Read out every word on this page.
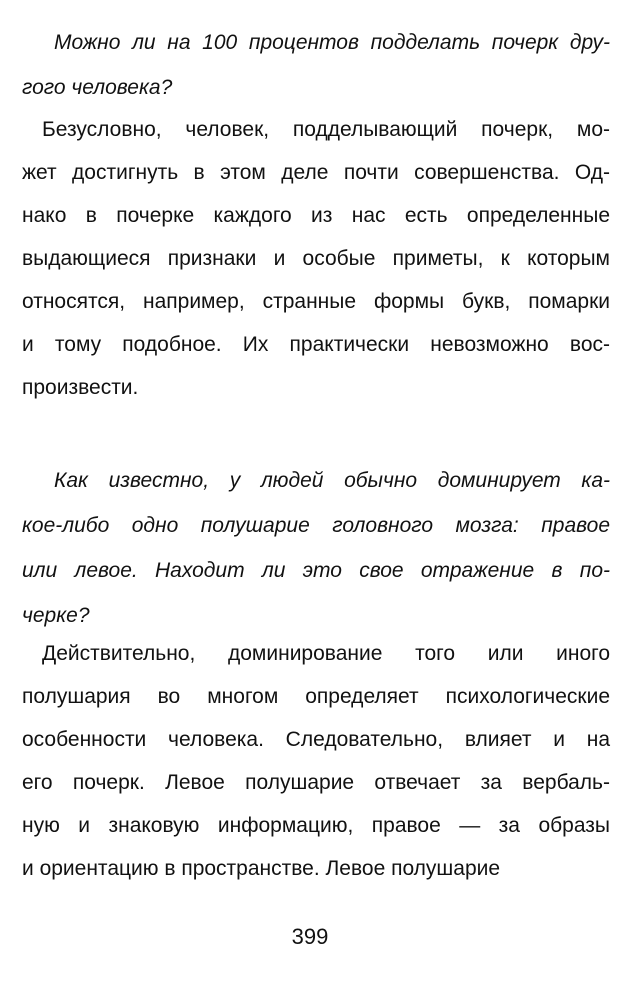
Можно ли на 100 процентов подделать почерк дру-
гого человека?
Безусловно, человек, подделывающий почерк, мо-
жет достигнуть в этом деле почти совершенства. Од-
нако в почерке каждого из нас есть определенные
выдающиеся признаки и особые приметы, к которым
относятся, например, странные формы букв, помарки
и тому подобное. Их практически невозможно вос-
произвести.
Как известно, у людей обычно доминирует ка-
кое-либо одно полушарие головного мозга: правое
или левое. Находит ли это свое отражение в по-
черке?
Действительно, доминирование того или иного
полушария во многом определяет психологические
особенности человека. Следовательно, влияет и на
его почерк. Левое полушарие отвечает за вербаль-
ную и знаковую информацию, правое — за образы
и ориентацию в пространстве. Левое полушарие
399
